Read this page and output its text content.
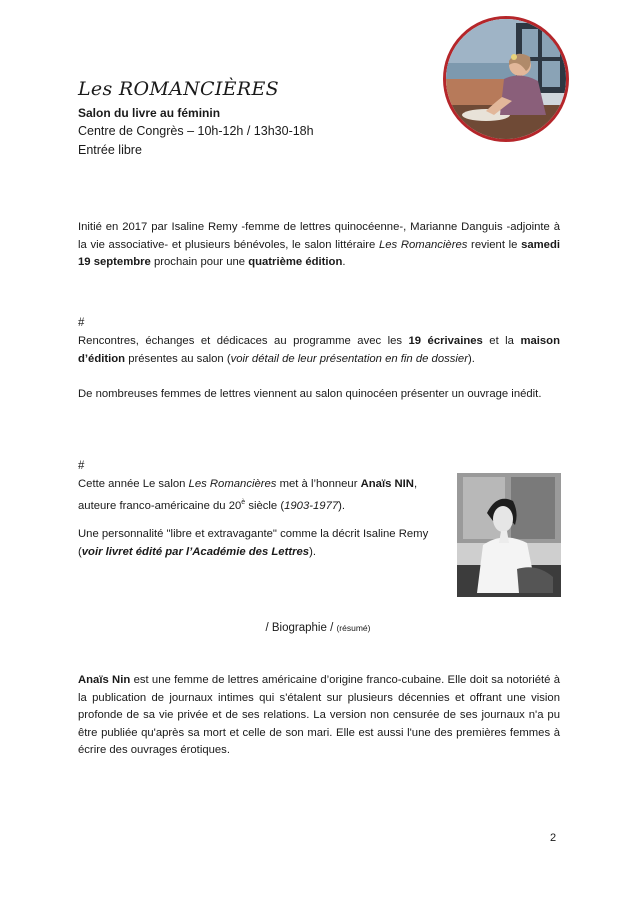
Les ROMANCIÈRES
Salon du livre au féminin
Centre de Congrès – 10h-12h / 13h30-18h
Entrée libre
Initié en 2017 par Isaline Remy -femme de lettres quinocéenne-, Marianne Danguis -adjointe à la vie associative- et plusieurs bénévoles, le salon littéraire Les Romancières revient le samedi 19 septembre prochain pour une quatrième édition.
#
Rencontres, échanges et dédicaces au programme avec les 19 écrivaines et la maison d’édition présentes au salon (voir détail de leur présentation en fin de dossier).
De nombreuses femmes de lettres viennent au salon quinocéen présenter un ouvrage inédit.
#
Cette année Le salon Les Romancières met à l’honneur Anaïs NIN,
auteure franco-américaine du $20^è$ siècle (1903-1977).
Une personnalité "libre et extravagante" comme la décrit Isaline Remy
(voir livret édité par l’Académie des Lettres).
/ Biographie / (résumé)
Anaïs Nin est une femme de lettres américaine d’origine franco-cubaine. Elle doit sa notoriété à la publication de journaux intimes qui s'étalent sur plusieurs décennies et offrant une vision profonde de sa vie privée et de ses relations. La version non censurée de ses journaux n'a pu être publiée qu'après sa mort et celle de son mari. Elle est aussi l'une des premières femmes à écrire des ouvrages érotiques.
2
